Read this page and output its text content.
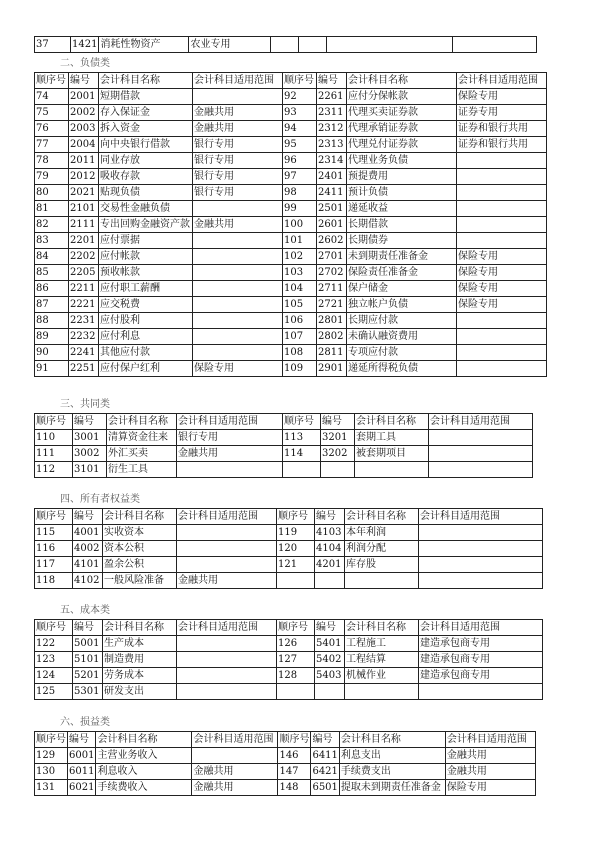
37	1421	消耗性物资产	农业专用				
二、负债类
顺序号	编号	会计科目名称	会计科目适用范围	顺序号	编号	会计科目名称	会计科目适用范围
74	2001	短期借款		92	2261	应付分保帐款	保险专用
75	2002	存入保证金	金融共用	93	2311	代理买卖证券款	证券专用
76	2003	拆入资金	金融共用	94	2312	代理承销证券款	证券和银行共用
77	2004	向中央银行借款	银行专用	95	2313	代理兑付证券款	证券和银行共用
78	2011	同业存放	银行专用	96	2314	代理业务负债	
79	2012	吸收存款	银行专用	97	2401	预提费用	
80	2021	贴现负债	银行专用	98	2411	预计负债	
81	2101	交易性金融负债		99	2501	递延收益	
82	2111	专出回购金融资产款	金融共用	100	2601	长期借款	
83	2201	应付票据		101	2602	长期债券	
84	2202	应付帐款		102	2701	未到期责任准备金	保险专用
85	2205	预收帐款		103	2702	保险责任准备金	保险专用
86	2211	应付职工薪酬		104	2711	保户储金	保险专用
87	2221	应交税费		105	2721	独立帐户负债	保险专用
88	2231	应付股利		106	2801	长期应付款	
89	2232	应付利息		107	2802	未确认融资费用	
90	2241	其他应付款		108	2811	专项应付款	
91	2251	应付保户红利	保险专用	109	2901	递延所得税负债	
三、共同类
顺序号	编号	会计科目名称	会计科目适用范围	顺序号	编号	会计科目名称	会计科目适用范围
110	3001	清算资金往来	银行专用	113	3201	套期工具	
111	3002	外汇买卖	金融共用	114	3202	被套期项目	
112	3101	衍生工具					
四、所有者权益类
顺序号	编号	会计科目名称	会计科目适用范围	顺序号	编号	会计科目名称	会计科目适用范围
115	4001	实收资本		119	4103	本年利润	
116	4002	资本公积		120	4104	利润分配	
117	4101	盈余公积		121	4201	库存股	
118	4102	一般风险准备	金融共用				
五、成本类
顺序号	编号	会计科目名称	会计科目适用范围	顺序号	编号	会计科目名称	会计科目适用范围
122	5001	生产成本		126	5401	工程施工	建造承包商专用
123	5101	制造费用		127	5402	工程结算	建造承包商专用
124	5201	劳务成本		128	5403	机械作业	建造承包商专用
125	5301	研发支出					
六、损益类
顺序号	编号	会计科目名称	会计科目适用范围	顺序号	编号	会计科目名称	会计科目适用范围
129	6001	主营业务收入		146	6411	利息支出	金融共用
130	6011	利息收入	金融共用	147	6421	手续费支出	金融共用
131	6021	手续费收入	金融共用	148	6501	提取未到期责任准备金	保险专用
